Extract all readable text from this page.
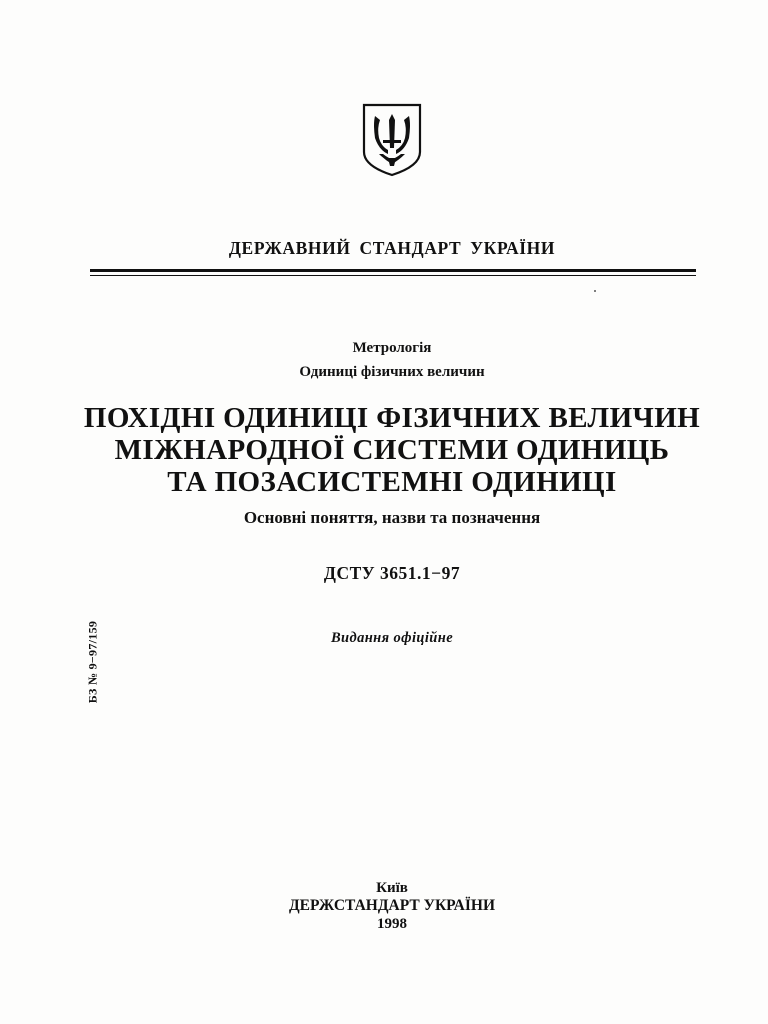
ДЕРЖАВНИЙ СТАНДАРТ УКРАЇНИ
Метрологія
Одиниці фізичних величин
ПОХІДНІ ОДИНИЦІ ФІЗИЧНИХ ВЕЛИЧИН
МІЖНАРОДНОЇ СИСТЕМИ ОДИНИЦЬ
ТА ПОЗАСИСТЕМНІ ОДИНИЦІ
Основні поняття, назви та позначення
ДСТУ 3651.1−97
Видання офіційне
БЗ № 9−97/159
Київ
ДЕРЖСТАНДАРТ УКРАЇНИ
1998
